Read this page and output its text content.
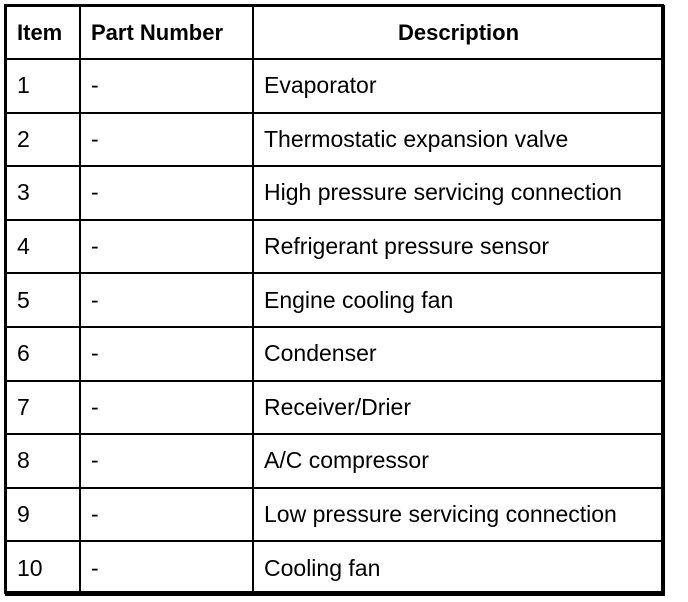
Item	Part Number	Description
1	-	Evaporator
2	-	Thermostatic expansion valve
3	-	High pressure servicing connection
4	-	Refrigerant pressure sensor
5	-	Engine cooling fan
6	-	Condenser
7	-	Receiver/Drier
8	-	A/C compressor
9	-	Low pressure servicing connection
10	-	Cooling fan
